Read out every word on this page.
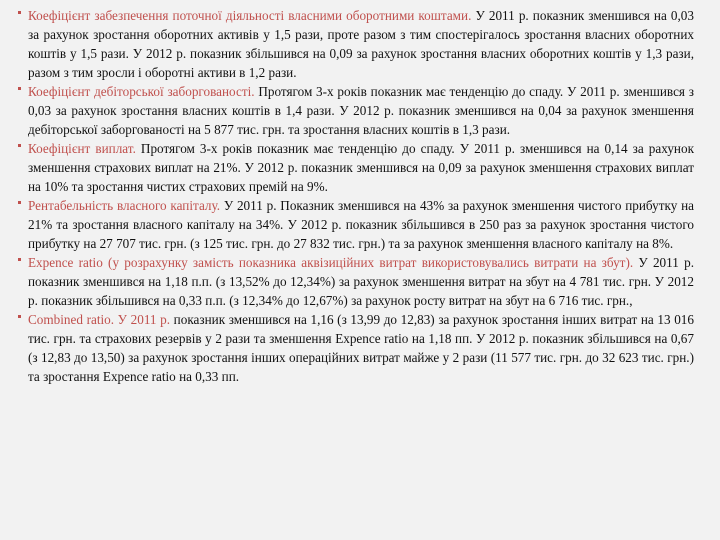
Коефіцієнт забезпечення поточної діяльності власними оборотними коштами. У 2011 р. показник зменшився на 0,03 за рахунок зростання оборотних активів у 1,5 рази, проте разом з тим спостерігалось зростання власних оборотних коштів у 1,5 рази. У 2012 р. показник збільшився на 0,09 за рахунок зростання власних оборотних коштів у 1,3 рази, разом з тим зросли і оборотні активи в 1,2 рази.

Коефіцієнт дебіторської заборгованості. Протягом 3-х років показник має тенденцію до спаду. У 2011 р. зменшився з 0,03 за рахунок зростання власних коштів в 1,4 рази. У 2012 р. показник зменшився на 0,04 за рахунок зменшення дебіторської заборгованості на 5 877 тис. грн. та зростання власних коштів в 1,3 рази.

Коефіцієнт виплат. Протягом 3-х років показник має тенденцію до спаду. У 2011 р. зменшився на 0,14 за рахунок зменшення страхових виплат на 21%. У 2012 р. показник зменшився на 0,09 за рахунок зменшення страхових виплат на 10% та зростання чистих страхових премій на 9%.

Рентабельність власного капіталу. У 2011 р. Показник зменшився на 43% за рахунок зменшення чистого прибутку на 21% та зростання власного капіталу на 34%. У 2012 р. показник збільшився в 250 раз за рахунок зростання чистого прибутку на 27 707 тис. грн. (з 125 тис. грн. до 27 832 тис. грн.) та за рахунок зменшення власного капіталу на 8%.

Expence ratio (у розрахунку замість показника аквізиційних витрат використовувались витрати на збут). У 2011 р. показник зменшився на 1,18 п.п. (з 13,52% до 12,34%) за рахунок зменшення витрат на збут на 4 781 тис. грн. У 2012 р. показник збільшився на 0,33 п.п. (з 12,34% до 12,67%) за рахунок росту витрат на збут на 6 716 тис. грн.,

Combined ratio. У 2011 р. показник зменшився на 1,16 (з 13,99 до 12,83) за рахунок зростання інших витрат на 13 016 тис. грн. та страхових резервів у 2 рази та зменшення Expence ratio на 1,18 пп. У 2012 р. показник збільшився на 0,67 (з 12,83 до 13,50) за рахунок зростання інших операційних витрат майже у 2 рази (11 577 тис. грн. до 32 623 тис. грн.) та зростання Expence ratio на 0,33 пп.
